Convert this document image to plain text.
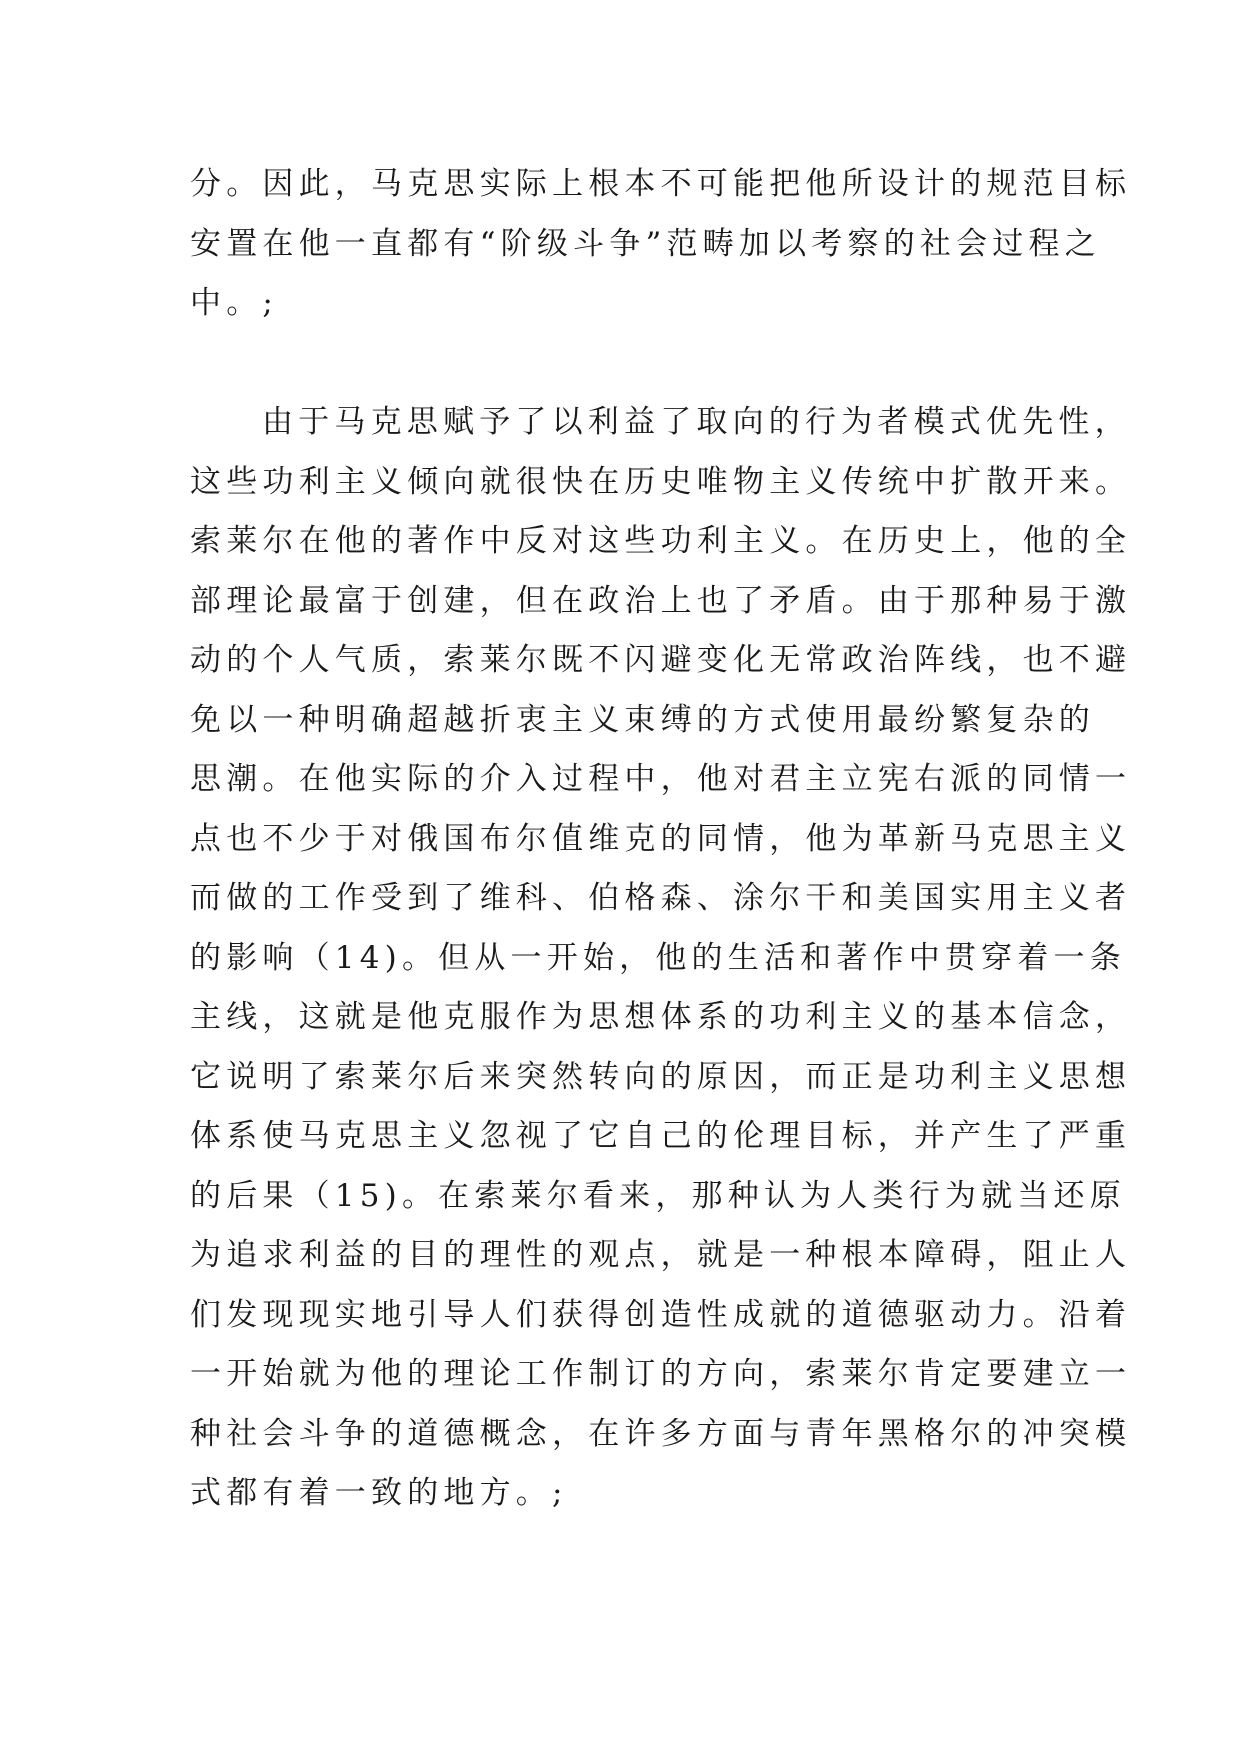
分。因此，马克思实际上根本不可能把他所设计的规范目标
安置在他一直都有“阶级斗争”范畴加以考察的社会过程之
中。;

由于马克思赋予了以利益了取向的行为者模式优先性，
这些功利主义倾向就很快在历史唯物主义传统中扩散开来。
索莱尔在他的著作中反对这些功利主义。在历史上，他的全
部理论最富于创建，但在政治上也了矛盾。由于那种易于激
动的个人气质，索莱尔既不闪避变化无常政治阵线，也不避
免以一种明确超越折衷主义束缚的方式使用最纷繁复杂的
思潮。在他实际的介入过程中，他对君主立宪右派的同情一
点也不少于对俄国布尔值维克的同情，他为革新马克思主义
而做的工作受到了维科、伯格森、涂尔干和美国实用主义者
的影响（14)。但从一开始，他的生活和著作中贯穿着一条
主线，这就是他克服作为思想体系的功利主义的基本信念，
它说明了索莱尔后来突然转向的原因，而正是功利主义思想
体系使马克思主义忽视了它自己的伦理目标，并产生了严重
的后果（15)。在索莱尔看来，那种认为人类行为就当还原
为追求利益的目的理性的观点，就是一种根本障碍，阻止人
们发现现实地引导人们获得创造性成就的道德驱动力。沿着
一开始就为他的理论工作制订的方向，索莱尔肯定要建立一
种社会斗争的道德概念，在许多方面与青年黑格尔的冲突模
式都有着一致的地方。;
